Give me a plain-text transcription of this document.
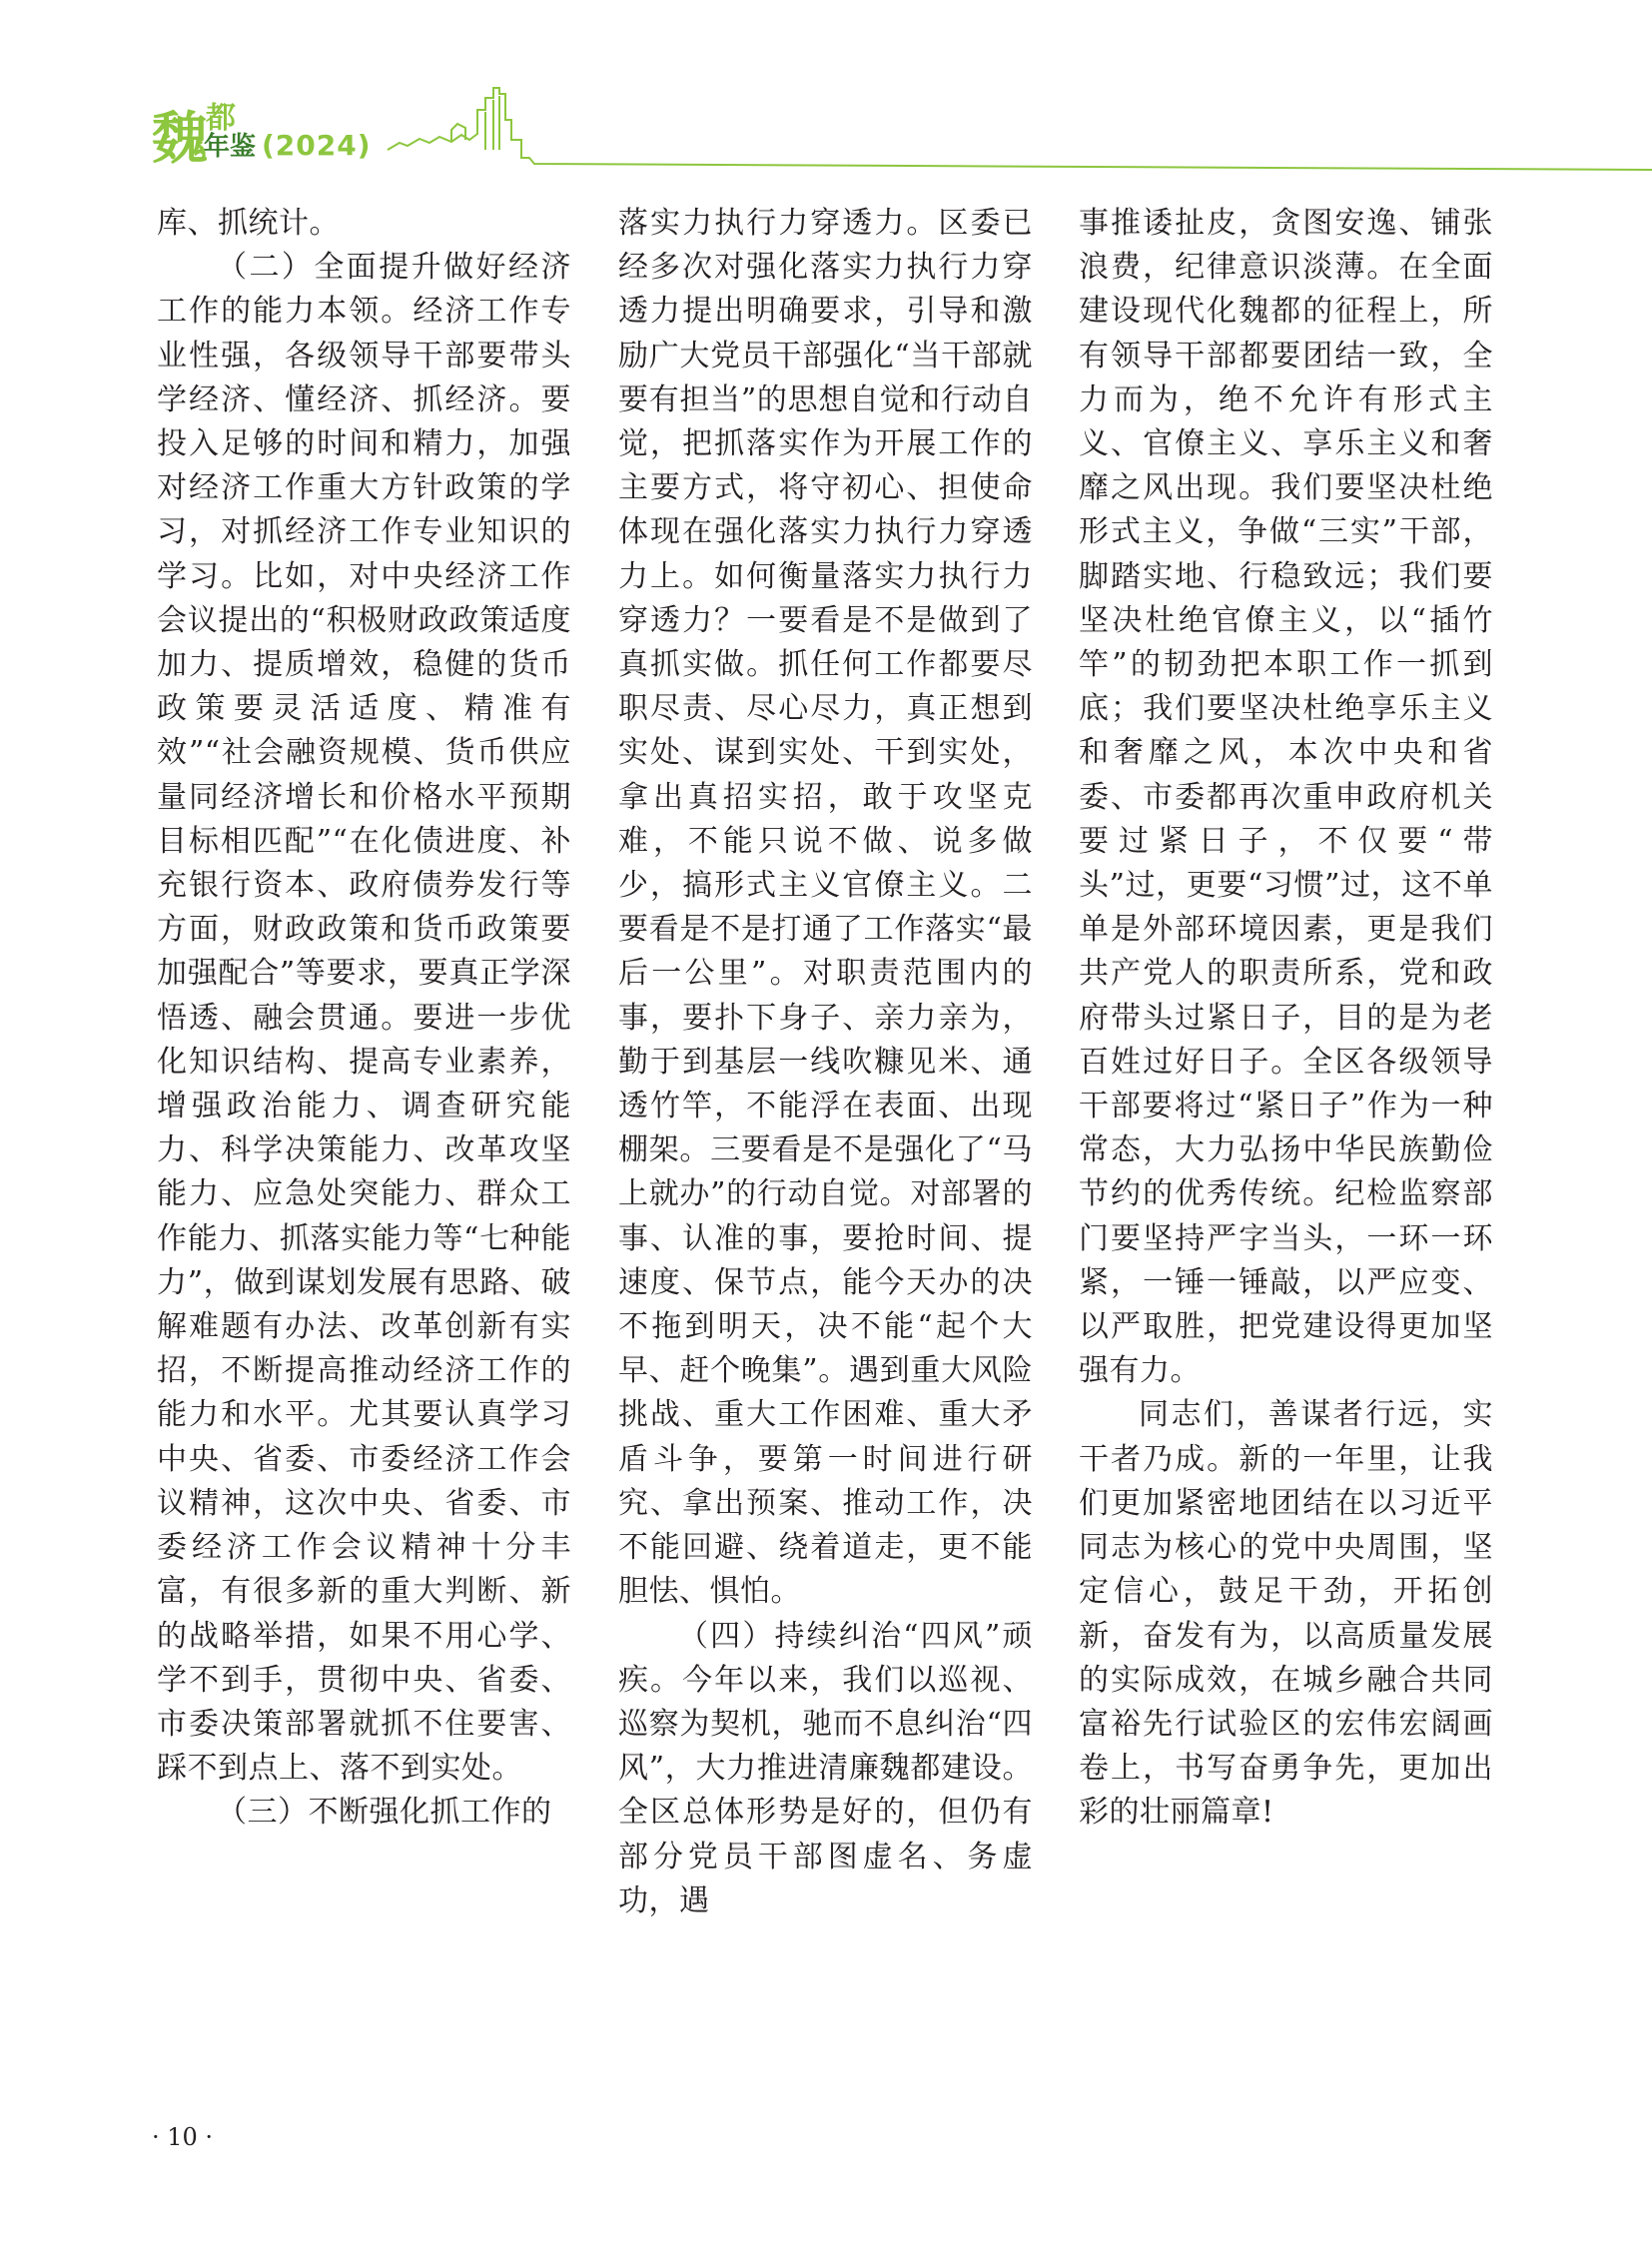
魏
都
年鉴 (2024)

库、抓统计。

（二）全面提升做好经济工作的能力本领。经济工作专业性强，各级领导干部要带头学经济、懂经济、抓经济。要投入足够的时间和精力，加强对经济工作重大方针政策的学习，对抓经济工作专业知识的学习。比如，对中央经济工作会议提出的“积极财政政策适度加力、提质增效，稳健的货币政策要灵活适度、精准有效”“社会融资规模、货币供应量同经济增长和价格水平预期目标相匹配”“在化债进度、补充银行资本、政府债券发行等方面，财政政策和货币政策要加强配合”等要求，要真正学深悟透、融会贯通。要进一步优化知识结构、提高专业素养，增强政治能力、调查研究能力、科学决策能力、改革攻坚能力、应急处突能力、群众工作能力、抓落实能力等“七种能力”，做到谋划发展有思路、破解难题有办法、改革创新有实招，不断提高推动经济工作的能力和水平。尤其要认真学习中央、省委、市委经济工作会议精神，这次中央、省委、市委经济工作会议精神十分丰富，有很多新的重大判断、新的战略举措，如果不用心学、学不到手，贯彻中央、省委、市委决策部署就抓不住要害、踩不到点上、落不到实处。

（三）不断强化抓工作的

落实力执行力穿透力。区委已经多次对强化落实力执行力穿透力提出明确要求，引导和激励广大党员干部强化“当干部就要有担当”的思想自觉和行动自觉，把抓落实作为开展工作的主要方式，将守初心、担使命体现在强化落实力执行力穿透力上。如何衡量落实力执行力穿透力？一要看是不是做到了真抓实做。抓任何工作都要尽职尽责、尽心尽力，真正想到实处、谋到实处、干到实处，拿出真招实招，敢于攻坚克难，不能只说不做、说多做少，搞形式主义官僚主义。二要看是不是打通了工作落实“最后一公里”。对职责范围内的事，要扑下身子、亲力亲为，勤于到基层一线吹糠见米、通透竹竿，不能浮在表面、出现棚架。三要看是不是强化了“马上就办”的行动自觉。对部署的事、认准的事，要抢时间、提速度、保节点，能今天办的决不拖到明天，决不能“起个大早、赶个晚集”。遇到重大风险挑战、重大工作困难、重大矛盾斗争，要第一时间进行研究、拿出预案、推动工作，决不能回避、绕着道走，更不能胆怯、惧怕。

（四）持续纠治“四风”顽疾。今年以来，我们以巡视、巡察为契机，驰而不息纠治“四风”，大力推进清廉魏都建设。全区总体形势是好的，但仍有部分党员干部图虚名、务虚功，遇

事推诿扯皮，贪图安逸、铺张浪费，纪律意识淡薄。在全面建设现代化魏都的征程上，所有领导干部都要团结一致，全力而为，绝不允许有形式主义、官僚主义、享乐主义和奢靡之风出现。我们要坚决杜绝形式主义，争做“三实”干部，脚踏实地、行稳致远；我们要坚决杜绝官僚主义，以“插竹竿”的韧劲把本职工作一抓到底；我们要坚决杜绝享乐主义和奢靡之风，本次中央和省委、市委都再次重申政府机关要过紧日子，不仅要“带头”过，更要“习惯”过，这不单单是外部环境因素，更是我们共产党人的职责所系，党和政府带头过紧日子，目的是为老百姓过好日子。全区各级领导干部要将过“紧日子”作为一种常态，大力弘扬中华民族勤俭节约的优秀传统。纪检监察部门要坚持严字当头，一环一环紧，一锤一锤敲，以严应变、以严取胜，把党建设得更加坚强有力。

同志们，善谋者行远，实干者乃成。新的一年里，让我们更加紧密地团结在以习近平同志为核心的党中央周围，坚定信心，鼓足干劲，开拓创新，奋发有为，以高质量发展的实际成效，在城乡融合共同富裕先行试验区的宏伟宏阔画卷上，书写奋勇争先，更加出彩的壮丽篇章!

· 10 ·
